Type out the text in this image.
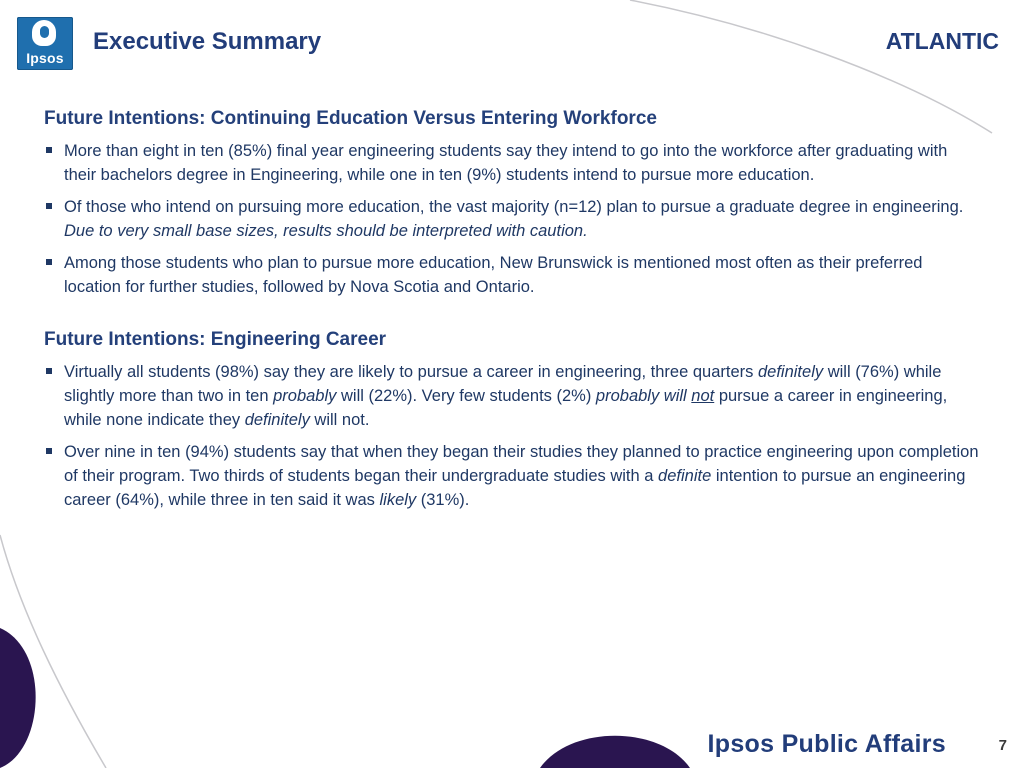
Ipsos
Executive Summary	ATLANTIC
Future Intentions: Continuing Education Versus Entering Workforce
More than eight in ten (85%) final year engineering students say they intend to go into the workforce after graduating with their bachelors degree in Engineering, while one in ten (9%) students intend to pursue more education.
Of those who intend on pursuing more education, the vast majority (n=12) plan to pursue a graduate degree in engineering. Due to very small base sizes, results should be interpreted with caution.
Among those students who plan to pursue more education, New Brunswick is mentioned most often as their preferred location for further studies, followed by Nova Scotia and Ontario.
Future Intentions: Engineering Career
Virtually all students (98%) say they are likely to pursue a career in engineering, three quarters definitely will (76%) while slightly more than two in ten probably will (22%). Very few students (2%) probably will not pursue a career in engineering, while none indicate they definitely will not.
Over nine in ten (94%) students say that when they began their studies they planned to practice engineering upon completion of their program. Two thirds of students began their undergraduate studies with a definite intention to pursue an engineering career (64%), while three in ten said it was likely (31%).
Ipsos Public Affairs	7
